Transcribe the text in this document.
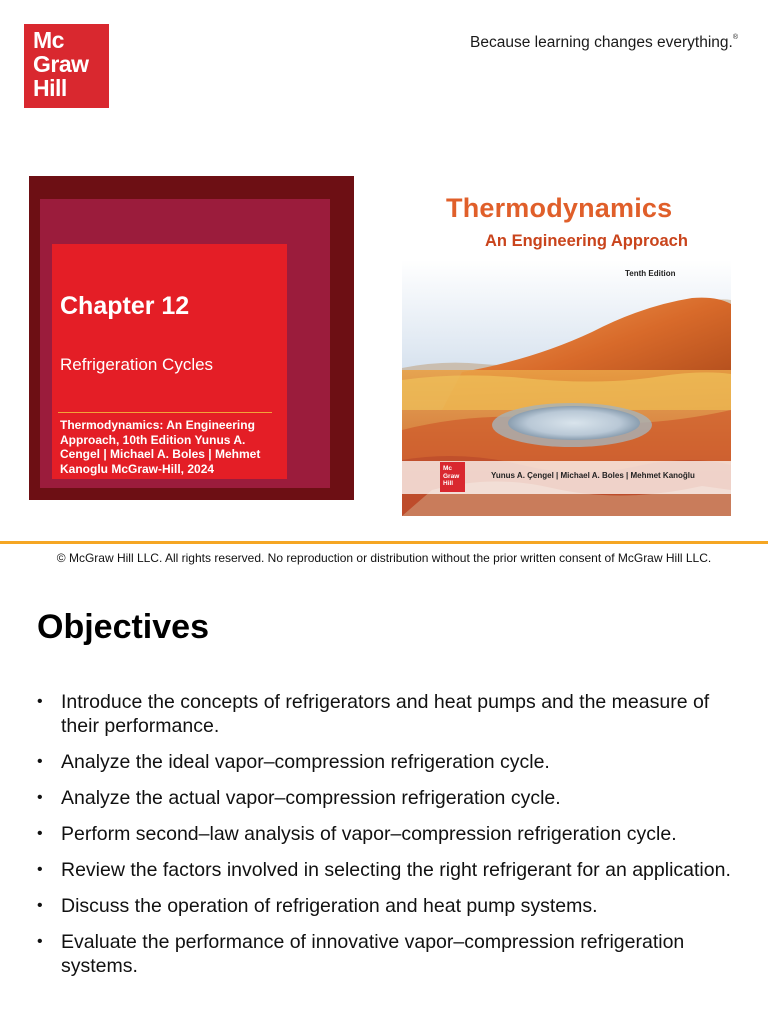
Mc
Graw
Hill
Because learning changes everything.®
Chapter 12
Refrigeration Cycles
Thermodynamics: An Engineering Approach, 10th Edition Yunus A. Cengel | Michael A. Boles | Mehmet Kanoglu McGraw-Hill, 2024
Thermodynamics
An Engineering Approach
Tenth Edition
Mc
Graw
Hill
Yunus A. Çengel | Michael A. Boles | Mehmet Kanoğlu
© McGraw Hill LLC. All rights reserved. No reproduction or distribution without the prior written consent of McGraw Hill LLC.
Objectives
• Introduce the concepts of refrigerators and heat pumps and the measure of their performance.
• Analyze the ideal vapor–compression refrigeration cycle.
• Analyze the actual vapor–compression refrigeration cycle.
• Perform second–law analysis of vapor–compression refrigeration cycle.
• Review the factors involved in selecting the right refrigerant for an application.
• Discuss the operation of refrigeration and heat pump systems.
• Evaluate the performance of innovative vapor–compression refrigeration systems.
